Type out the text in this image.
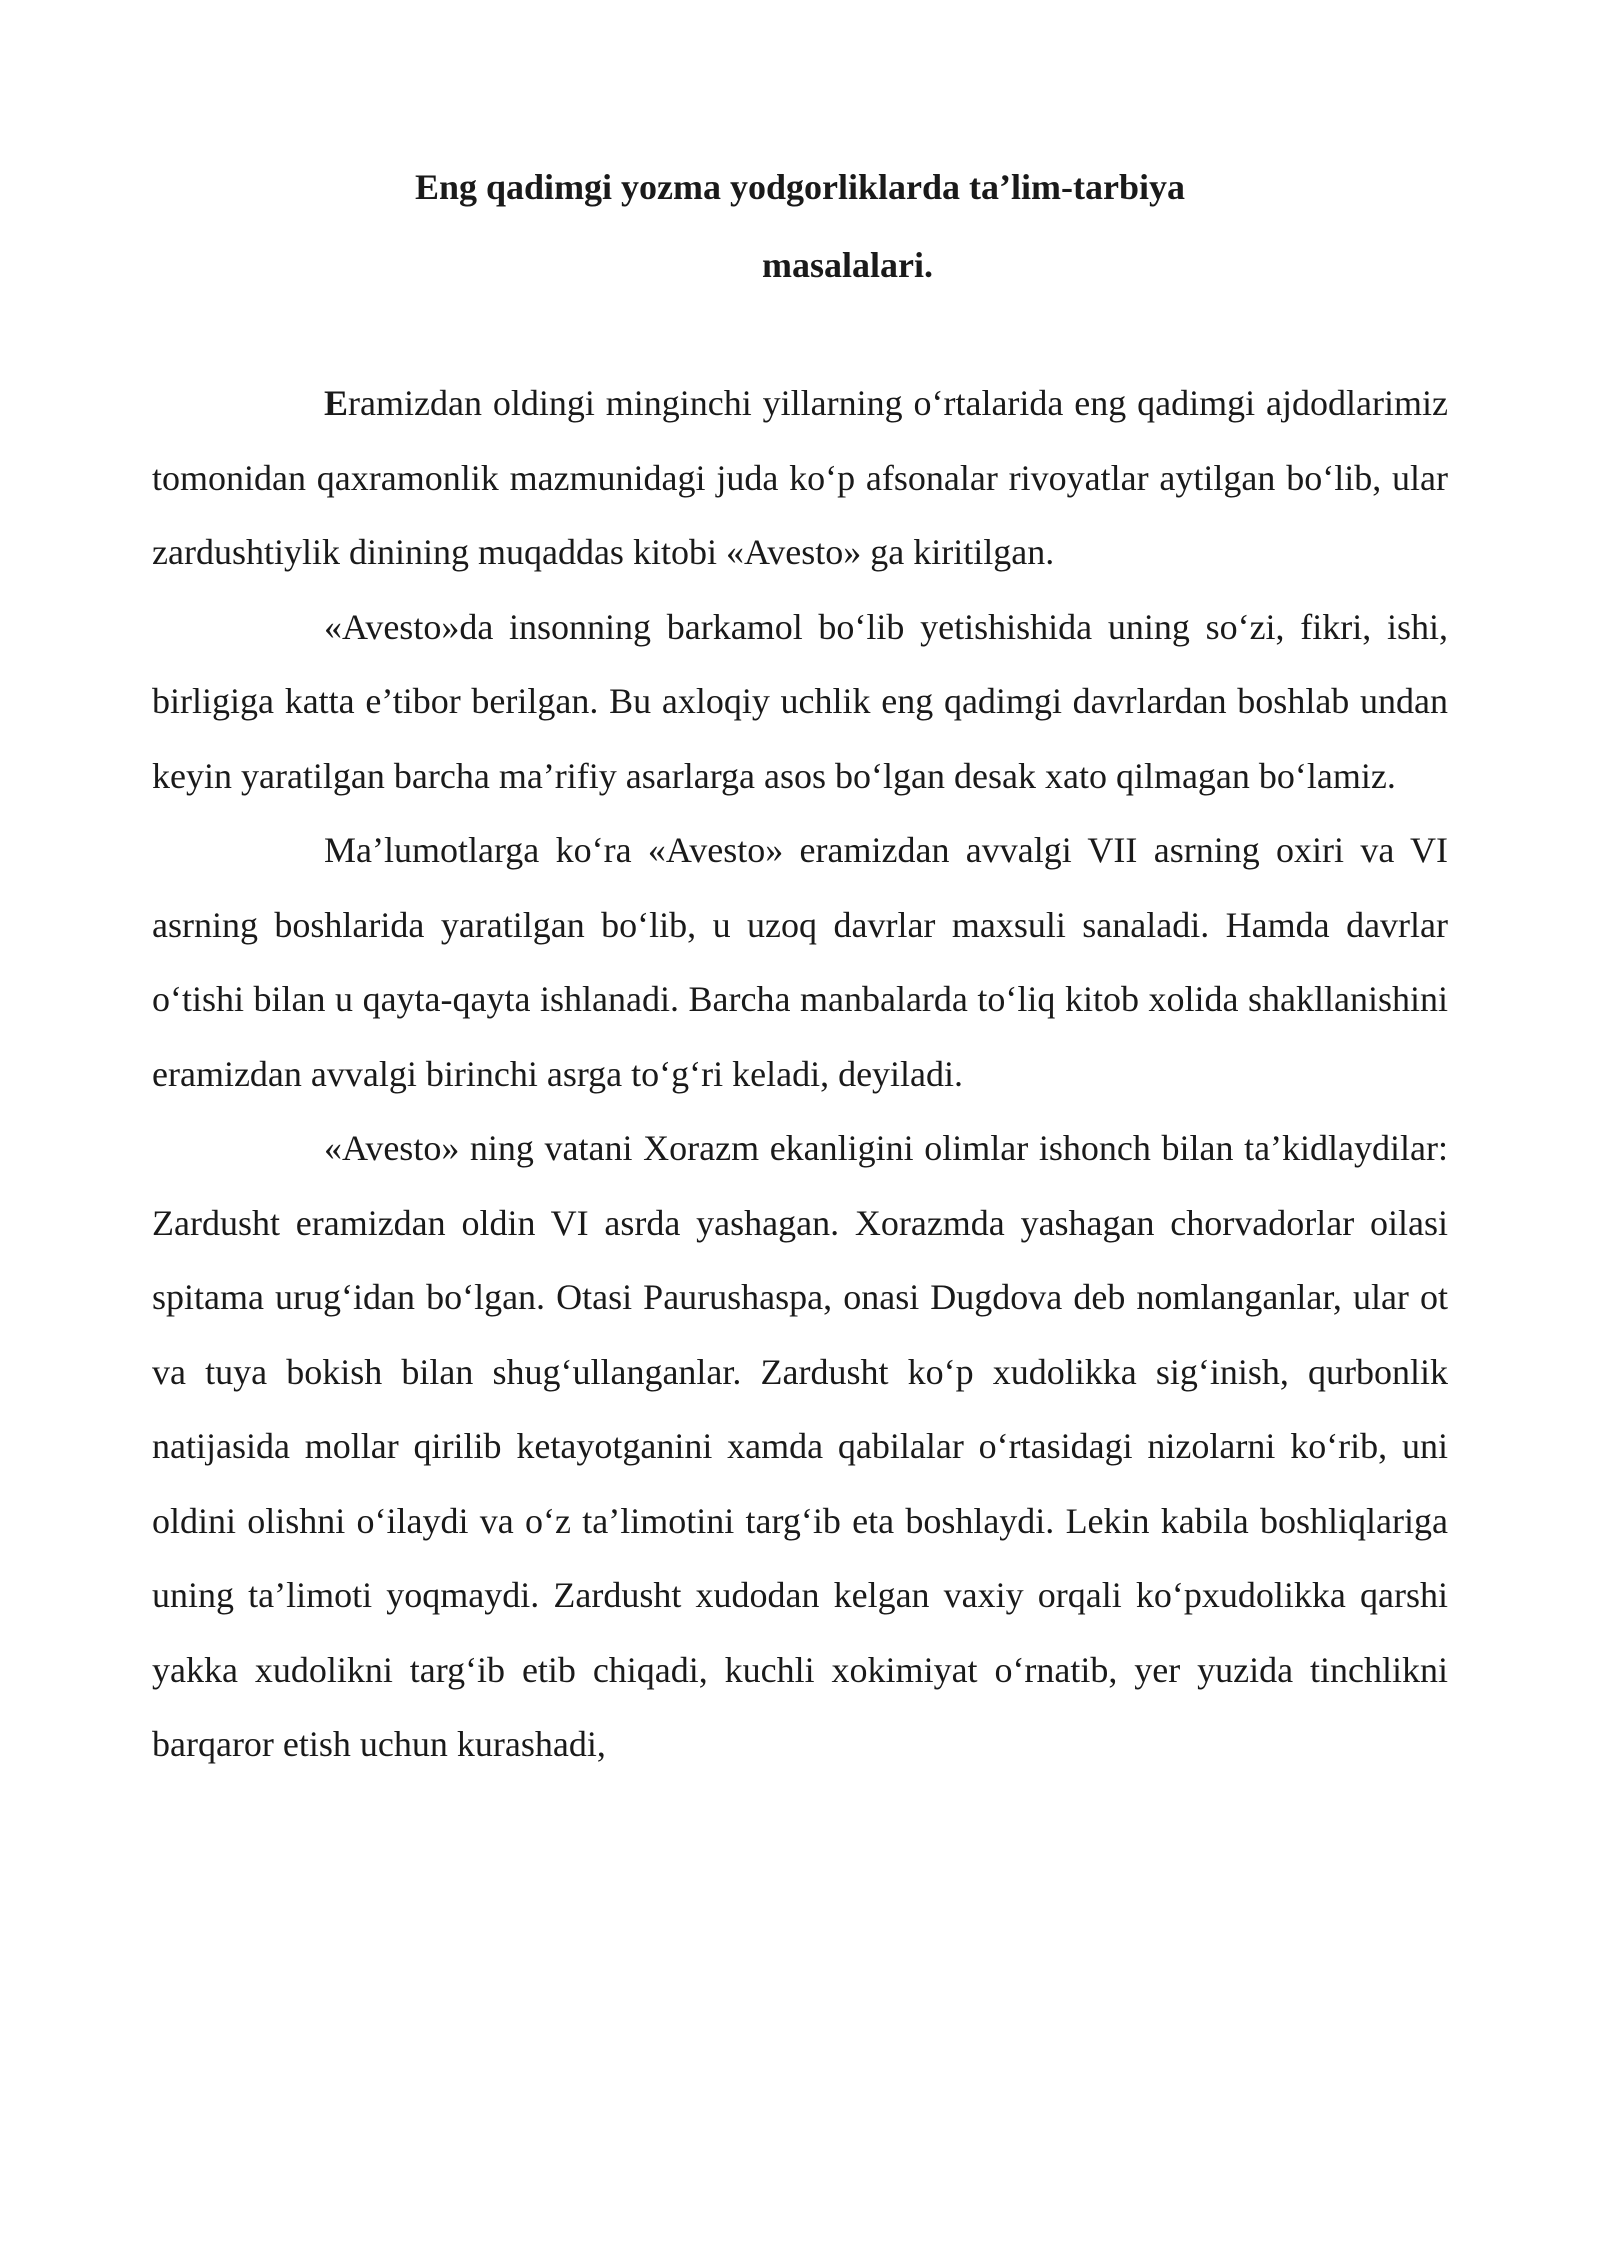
Eng qadimgi yozma yodgorliklarda ta’lim-tarbiya
masalalari.

Eramizdan oldingi minginchi yillarning o‘rtalarida eng qadimgi ajdodlarimiz tomonidan qaxramonlik mazmunidagi juda ko‘p afsonalar rivoyatlar aytilgan bo‘lib, ular zardushtiylik dinining muqaddas kitobi «Avesto» ga kiritilgan.

«Avesto»da insonning barkamol bo‘lib yetishishida uning so‘zi, fikri, ishi, birligiga katta e’tibor berilgan. Bu axloqiy uchlik eng qadimgi davrlardan boshlab undan keyin yaratilgan barcha ma’rifiy asarlarga asos bo‘lgan desak xato qilmagan bo‘lamiz.

Ma’lumotlarga ko‘ra «Avesto» eramizdan avvalgi VII asrning oxiri va VI asrning boshlarida yaratilgan bo‘lib, u uzoq davrlar maxsuli sanaladi. Hamda davrlar o‘tishi bilan u qayta-qayta ishlanadi. Barcha manbalarda to‘liq kitob xolida shakllanishini eramizdan avvalgi birinchi asrga to‘g‘ri keladi, deyiladi.

«Avesto» ning vatani Xorazm ekanligini olimlar ishonch bilan ta’kidlaydilar: Zardusht eramizdan oldin VI asrda yashagan. Xorazmda yashagan chorvadorlar oilasi spitama urug‘idan bo‘lgan. Otasi Paurushaspa, onasi Dugdova deb nomlanganlar, ular ot va tuya bokish bilan shug‘ullanganlar. Zardusht ko‘p xudolikka sig‘inish, qurbonlik natijasida mollar qirilib ketayotganini xamda qabilalar o‘rtasidagi nizolarni ko‘rib, uni oldini olishni o‘ilaydi va o‘z ta’limotini targ‘ib eta boshlaydi. Lekin kabila boshliqlariga uning ta’limoti yoqmaydi. Zardusht xudodan kelgan vaxiy orqali ko‘pxudolikka qarshi yakka xudolikni targ‘ib etib chiqadi, kuchli xokimiyat o‘rnatib, yer yuzida tinchlikni barqaror etish uchun kurashadi,
